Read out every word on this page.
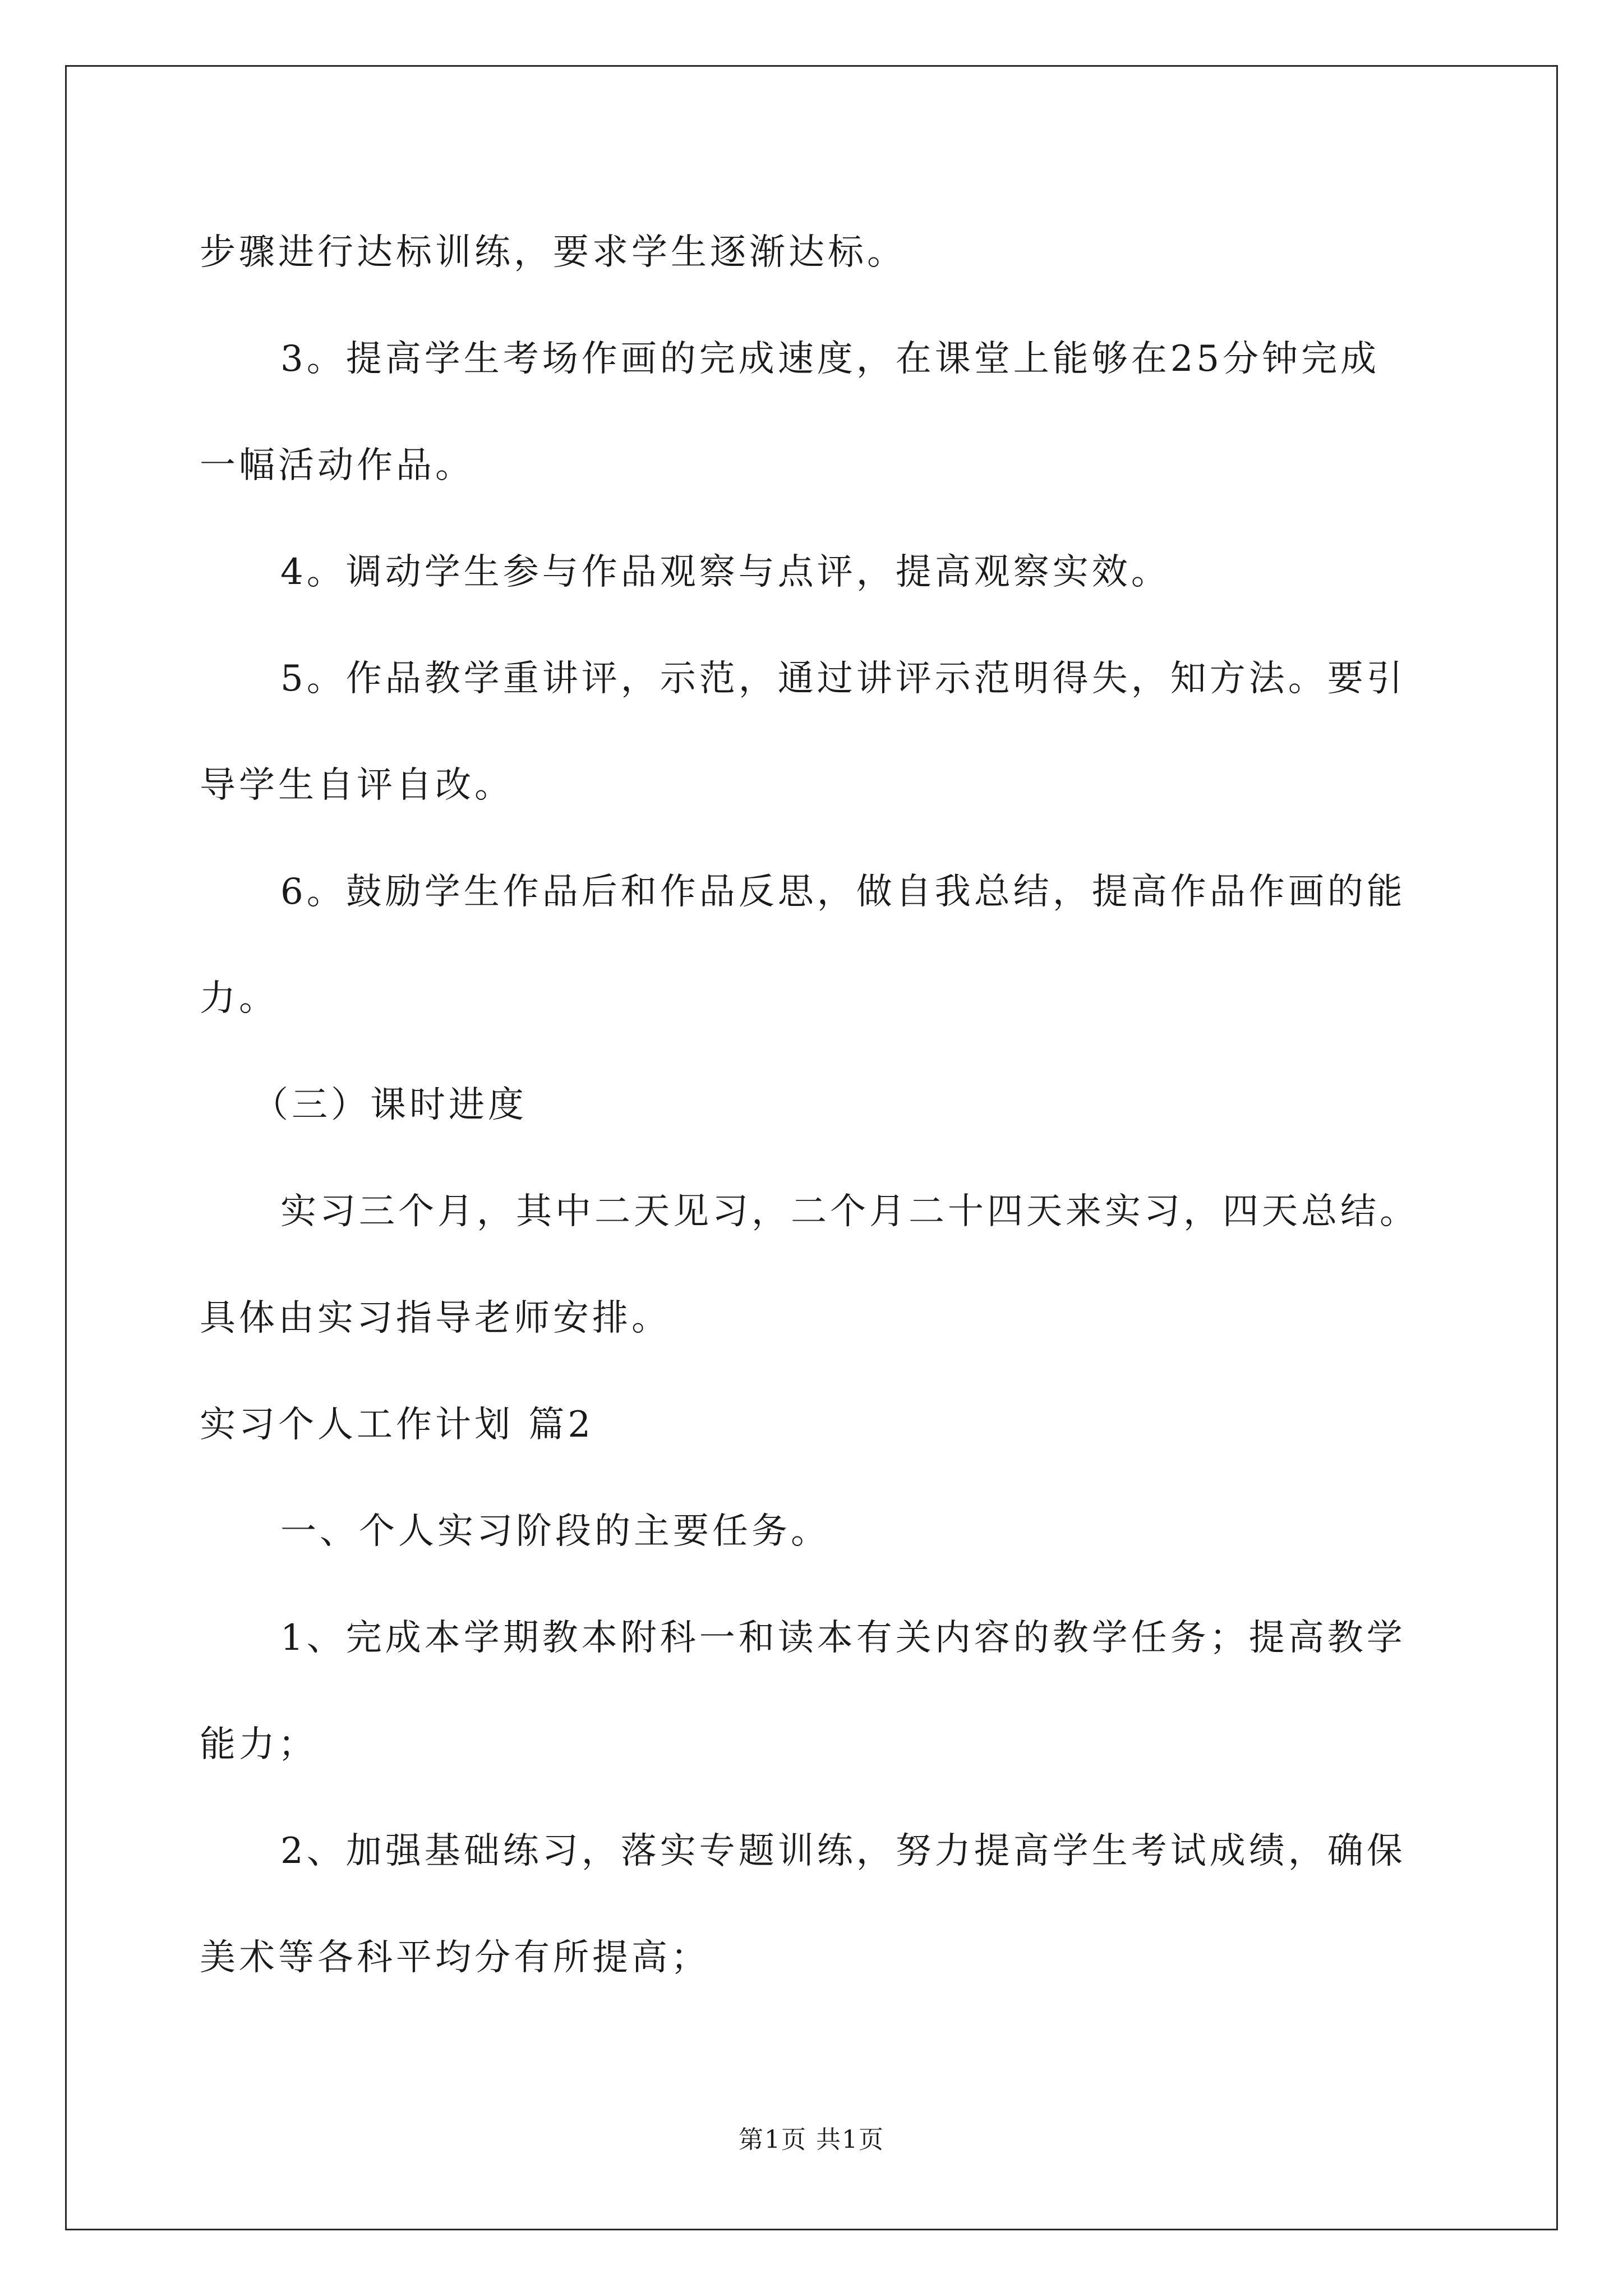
步骤进行达标训练，要求学生逐渐达标。
3。提高学生考场作画的完成速度，在课堂上能够在25分钟完成
一幅活动作品。
4。调动学生参与作品观察与点评，提高观察实效。
5。作品教学重讲评，示范，通过讲评示范明得失，知方法。要引
导学生自评自改。
6。鼓励学生作品后和作品反思，做自我总结，提高作品作画的能
力。
（三）课时进度
实习三个月，其中二天见习，二个月二十四天来实习，四天总结。
具体由实习指导老师安排。
实习个人工作计划 篇2
一、个人实习阶段的主要任务。
1、完成本学期教本附科一和读本有关内容的教学任务；提高教学
能力；
2、加强基础练习，落实专题训练，努力提高学生考试成绩，确保
美术等各科平均分有所提高；
第1页 共1页
